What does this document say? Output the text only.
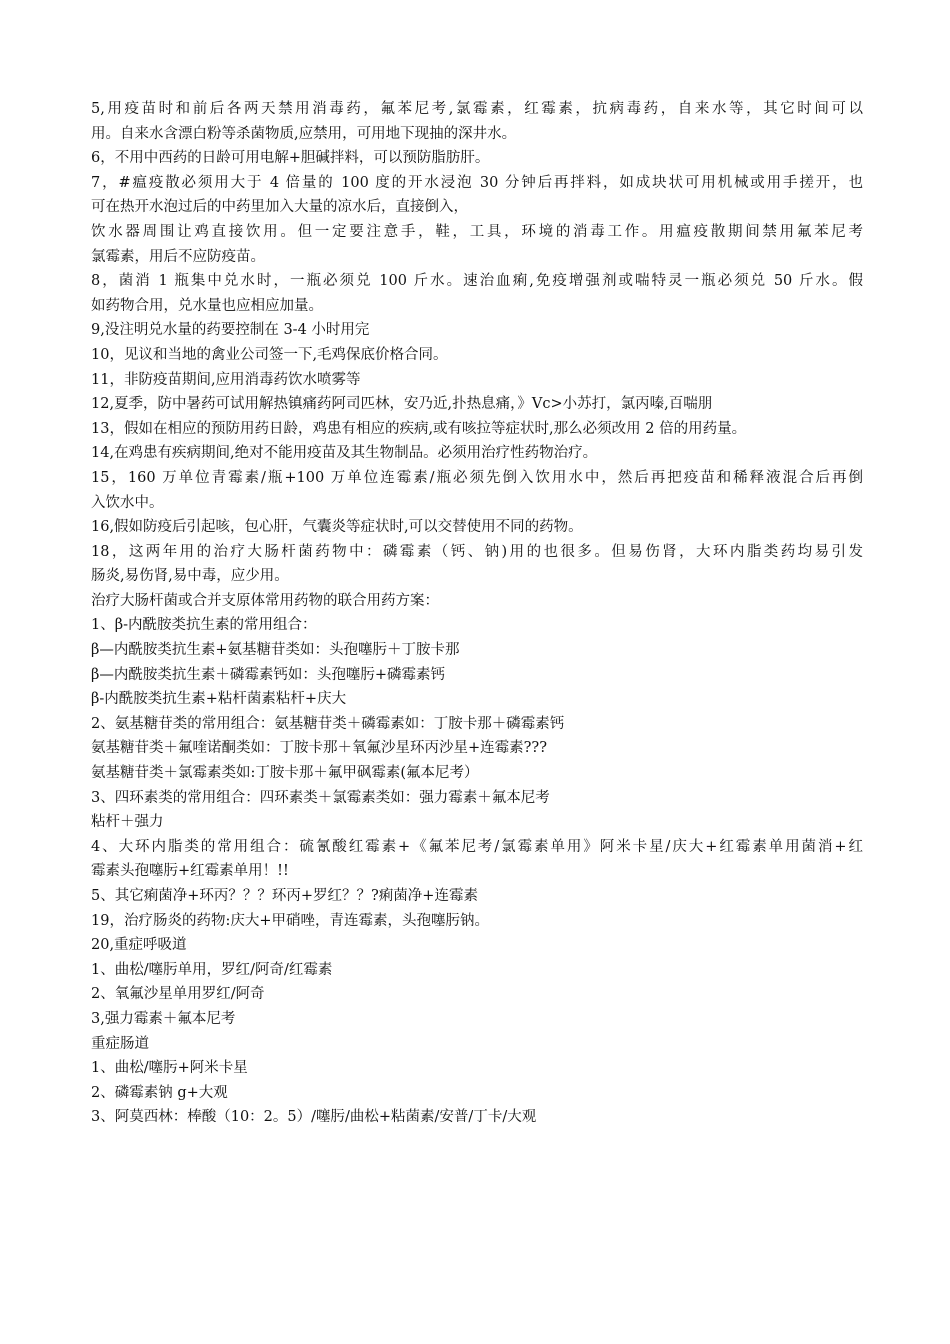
5,用疫苗时和前后各两天禁用消毒药，氟苯尼考,氯霉素，红霉素，抗病毒药，自来水等，其它时间可以
用。自来水含漂白粉等杀菌物质,应禁用，可用地下现抽的深井水。
6，不用中西药的日龄可用电解+胆碱拌料，可以预防脂肪肝。
7，#瘟疫散必须用大于 4 倍量的 100 度的开水浸泡 30 分钟后再拌料，如成块状可用机械或用手搓开，也
可在热开水泡过后的中药里加入大量的凉水后，直接倒入，
饮水器周围让鸡直接饮用。但一定要注意手，鞋，工具，环境的消毒工作。用瘟疫散期间禁用氟苯尼考
氯霉素，用后不应防疫苗。
8，菌消 1 瓶集中兑水时，一瓶必须兑 100 斤水。速治血痢,免疫增强剂或喘特灵一瓶必须兑 50 斤水。假
如药物合用，兑水量也应相应加量。
9,没注明兑水量的药要控制在 3-4 小时用完
10，见议和当地的禽业公司签一下,毛鸡保底价格合同。
11，非防疫苗期间,应用消毒药饮水喷雾等
12,夏季，防中暑药可试用解热镇痛药阿司匹林，安乃近,扑热息痛，》Vc>小苏打，氯丙嗪,百喘朋
13，假如在相应的预防用药日龄，鸡患有相应的疾病,或有咳拉等症状时,那么必须改用 2 倍的用药量。
14,在鸡患有疾病期间,绝对不能用疫苗及其生物制品。必须用治疗性药物治疗。
15，160 万单位青霉素/瓶+100 万单位连霉素/瓶必须先倒入饮用水中，然后再把疫苗和稀释液混合后再倒
入饮水中。
16,假如防疫后引起咳，包心肝，气囊炎等症状时,可以交替使用不同的药物。
18，这两年用的治疗大肠杆菌药物中：磷霉素（钙、钠)用的也很多。但易伤肾，大环内脂类药均易引发
肠炎,易伤肾,易中毒，应少用。
治疗大肠杆菌或合并支原体常用药物的联合用药方案：
1、β-内酰胺类抗生素的常用组合：
β—内酰胺类抗生素+氨基糖苷类如：头孢噻肟＋丁胺卡那
β—内酰胺类抗生素＋磷霉素钙如：头孢噻肟+磷霉素钙
β-内酰胺类抗生素+粘杆菌素粘杆+庆大
2、氨基糖苷类的常用组合：氨基糖苷类＋磷霉素如：丁胺卡那＋磷霉素钙
氨基糖苷类＋氟喹诺酮类如：丁胺卡那＋氧氟沙星环丙沙星+连霉素???
氨基糖苷类＋氯霉素类如:丁胺卡那＋氟甲砜霉素(氟本尼考）
3、四环素类的常用组合：四环素类＋氯霉素类如：强力霉素＋氟本尼考
粘杆＋强力
4、大环内脂类的常用组合：硫氰酸红霉素+《氟苯尼考/氯霉素单用》阿米卡星/庆大+红霉素单用菌消+红
霉素头孢噻肟+红霉素单用！!!
5、其它痢菌净+环丙？？？环丙+罗红？？?痢菌净+连霉素
19，治疗肠炎的药物:庆大+甲硝唑，青连霉素，头孢噻肟钠。
20,重症呼吸道
1、曲松/噻肟单用，罗红/阿奇/红霉素
2、氧氟沙星单用罗红/阿奇
3,强力霉素＋氟本尼考
重症肠道
1、曲松/噻肟+阿米卡星
2、磷霉素钠 g+大观
3、阿莫西林：棒酸（10：2。5）/噻肟/曲松+粘菌素/安普/丁卡/大观
